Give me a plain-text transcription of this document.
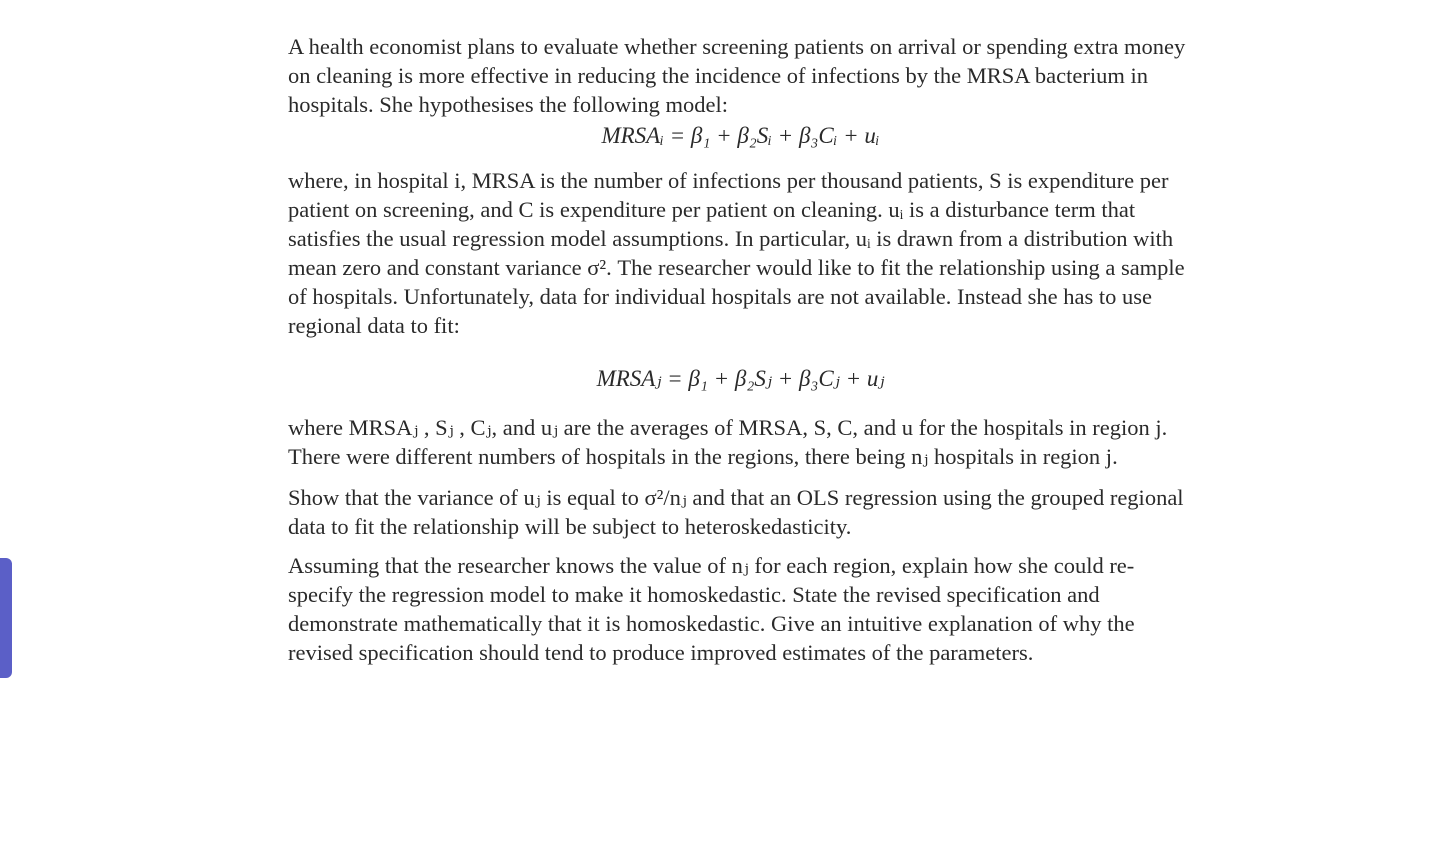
A health economist plans to evaluate whether screening patients on arrival or spending extra money on cleaning is more effective in reducing the incidence of infections by the MRSA bacterium in hospitals. She hypothesises the following model:

MRSAᵢ = β₁ + β₂Sᵢ + β₃Cᵢ + uᵢ

where, in hospital i, MRSA is the number of infections per thousand patients, S is expenditure per patient on screening, and C is expenditure per patient on cleaning. uᵢ is a disturbance term that satisfies the usual regression model assumptions. In particular, uᵢ is drawn from a distribution with mean zero and constant variance σ². The researcher would like to fit the relationship using a sample of hospitals. Unfortunately, data for individual hospitals are not available. Instead she has to use regional data to fit:

MRSAⱼ = β₁ + β₂Sⱼ + β₃Cⱼ + uⱼ

where MRSAⱼ , Sⱼ , Cⱼ, and uⱼ are the averages of MRSA, S, C, and u for the hospitals in region j. There were different numbers of hospitals in the regions, there being nⱼ hospitals in region j.

Show that the variance of uⱼ is equal to σ²/nⱼ and that an OLS regression using the grouped regional data to fit the relationship will be subject to heteroskedasticity.

Assuming that the researcher knows the value of nⱼ for each region, explain how she could re-specify the regression model to make it homoskedastic. State the revised specification and demonstrate mathematically that it is homoskedastic. Give an intuitive explanation of why the revised specification should tend to produce improved estimates of the parameters.
